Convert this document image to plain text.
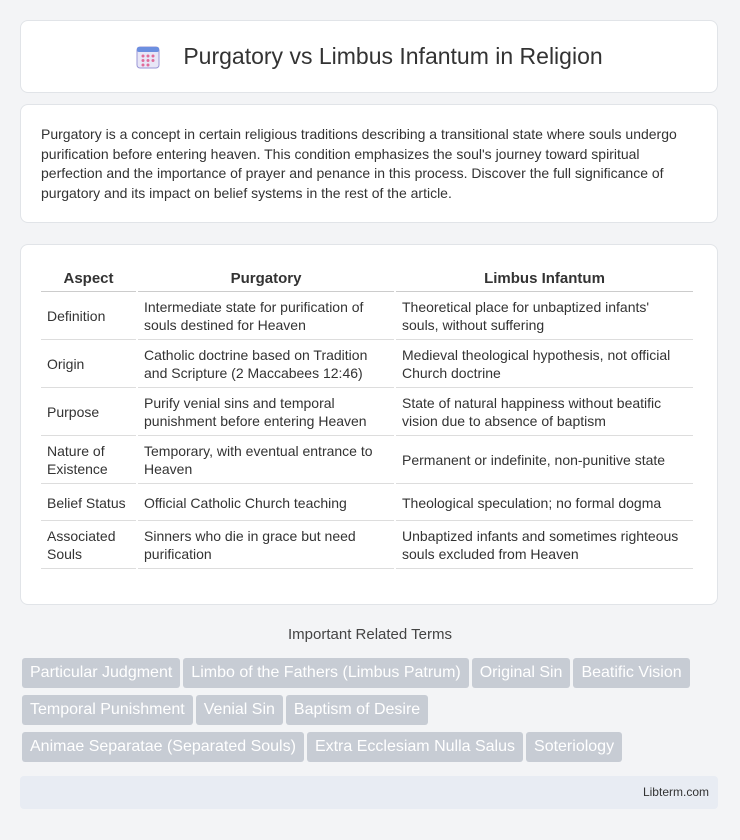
Purgatory vs Limbus Infantum in Religion

Purgatory is a concept in certain religious traditions describing a transitional state where souls undergo purification before entering heaven. This condition emphasizes the soul's journey toward spiritual perfection and the importance of prayer and penance in this process. Discover the full significance of purgatory and its impact on belief systems in the rest of the article.

Aspect	Purgatory	Limbus Infantum
Definition	Intermediate state for purification of souls destined for Heaven	Theoretical place for unbaptized infants' souls, without suffering
Origin	Catholic doctrine based on Tradition and Scripture (2 Maccabees 12:46)	Medieval theological hypothesis, not official Church doctrine
Purpose	Purify venial sins and temporal punishment before entering Heaven	State of natural happiness without beatific vision due to absence of baptism
Nature of Existence	Temporary, with eventual entrance to Heaven	Permanent or indefinite, non-punitive state
Belief Status	Official Catholic Church teaching	Theological speculation; no formal dogma
Associated Souls	Sinners who die in grace but need purification	Unbaptized infants and sometimes righteous souls excluded from Heaven
Important Related Terms
Particular Judgment Limbo of the Fathers (Limbus Patrum) Original Sin Beatific Vision
Temporal Punishment Venial Sin Baptism of Desire
Animae Separatae (Separated Souls) Extra Ecclesiam Nulla Salus Soteriology
Libterm.com
